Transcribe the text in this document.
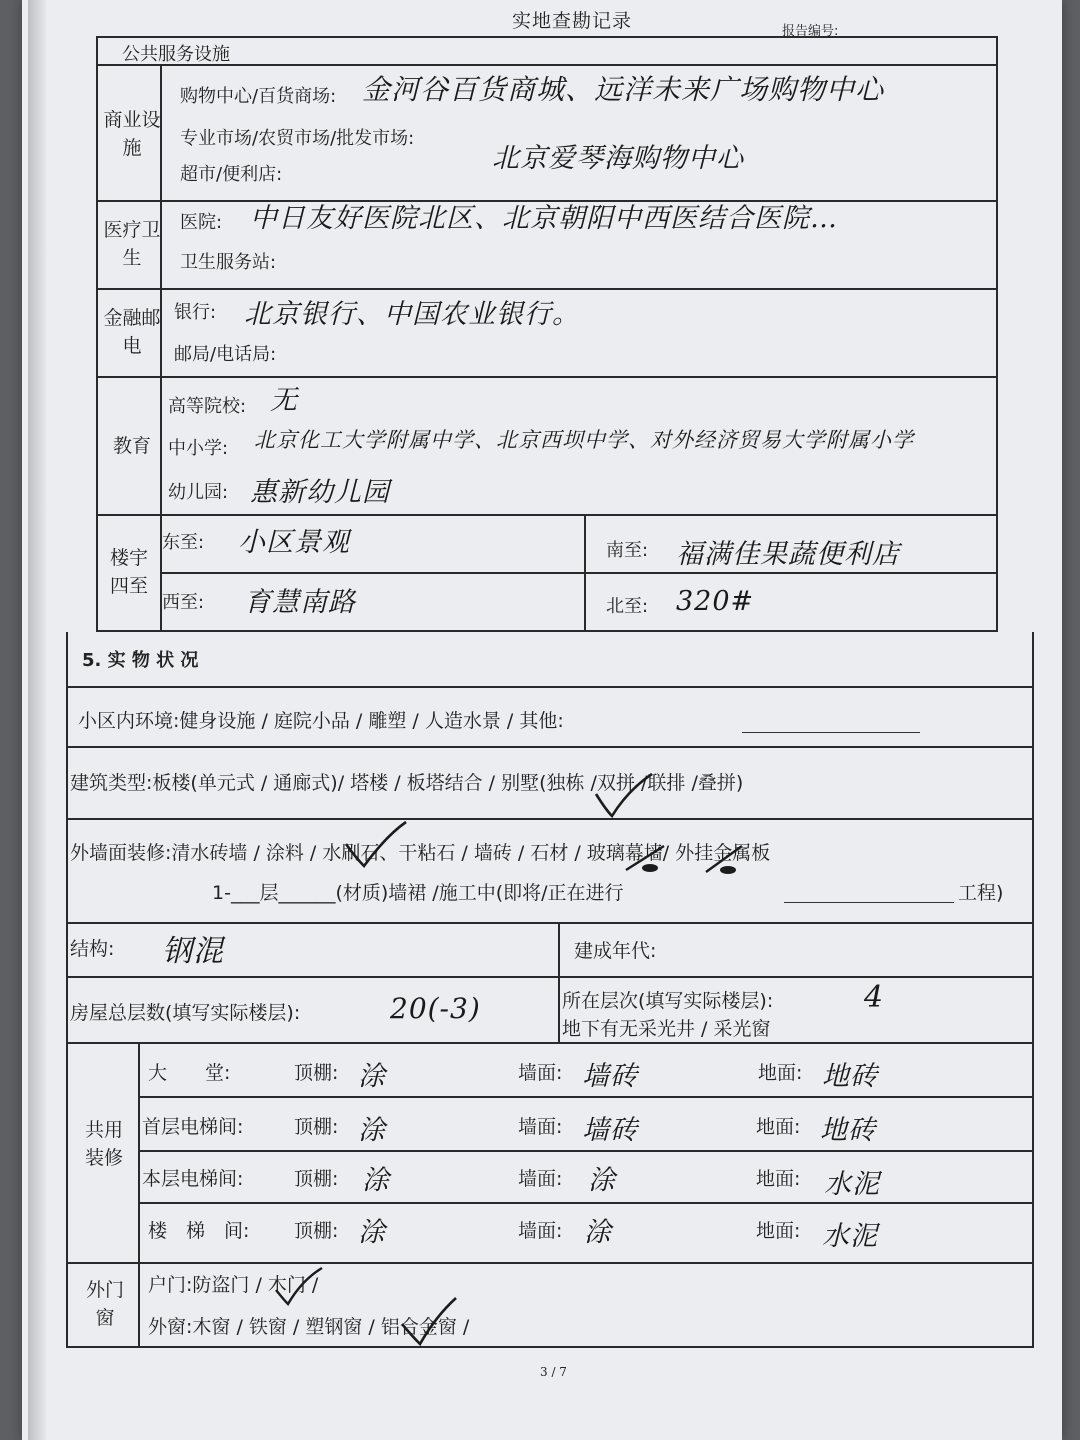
实地查勘记录	报告编号:
公共服务设施
商业设施
购物中心/百货商场: 金河谷百货商城、远洋未来广场购物中心
专业市场/农贸市场/批发市场:
北京爱琴海购物中心
超市/便利店:
医疗卫生
医院: 中日友好医院北区、北京朝阳中西医结合医院…
卫生服务站:
金融邮电
银行: 北京银行、中国农业银行。
邮局/电话局:
教育
高等院校: 无
中小学: 北京化工大学附属中学、北京西坝中学、对外经济贸易大学附属小学
幼儿园: 惠新幼儿园
楼宇四至
东至: 小区景观	南至: 福满佳果蔬便利店
西至: 育慧南路	北至: 320#
5. 实 物 状 况
小区内环境:健身设施 / 庭院小品 / 雕塑 / 人造水景 / 其他:
建筑类型:板楼(单元式 / 通廊式)/ 塔楼 / 板塔结合 / 别墅(独栋 /双拼 /联排 /叠拼)
外墙面装修:清水砖墙 / 涂料 / 水刷石、干粘石 / 墙砖 / 石材 / 玻璃幕墙/ 外挂金属板
1-___层______(材质)墙裙 /施工中(即将/正在进行	工程)
结构: 钢混	建成年代:
房屋总层数(填写实际楼层):	20(-3)	所在层次(填写实际楼层):	4
地下有无采光井 / 采光窗
共用装修
大　　堂:	顶棚: 涂	墙面: 墙砖	地面: 地砖
首层电梯间:	顶棚: 涂	墙面: 墙砖	地面: 地砖
本层电梯间:	顶棚: 涂	墙面: 涂	地面: 水泥
楼　梯　间: 顶棚: 涂	墙面: 涂	地面: 水泥
外门窗
户门:防盗门 / 木门 /
外窗:木窗 / 铁窗 / 塑钢窗 / 铝合金窗 /
3 / 7
